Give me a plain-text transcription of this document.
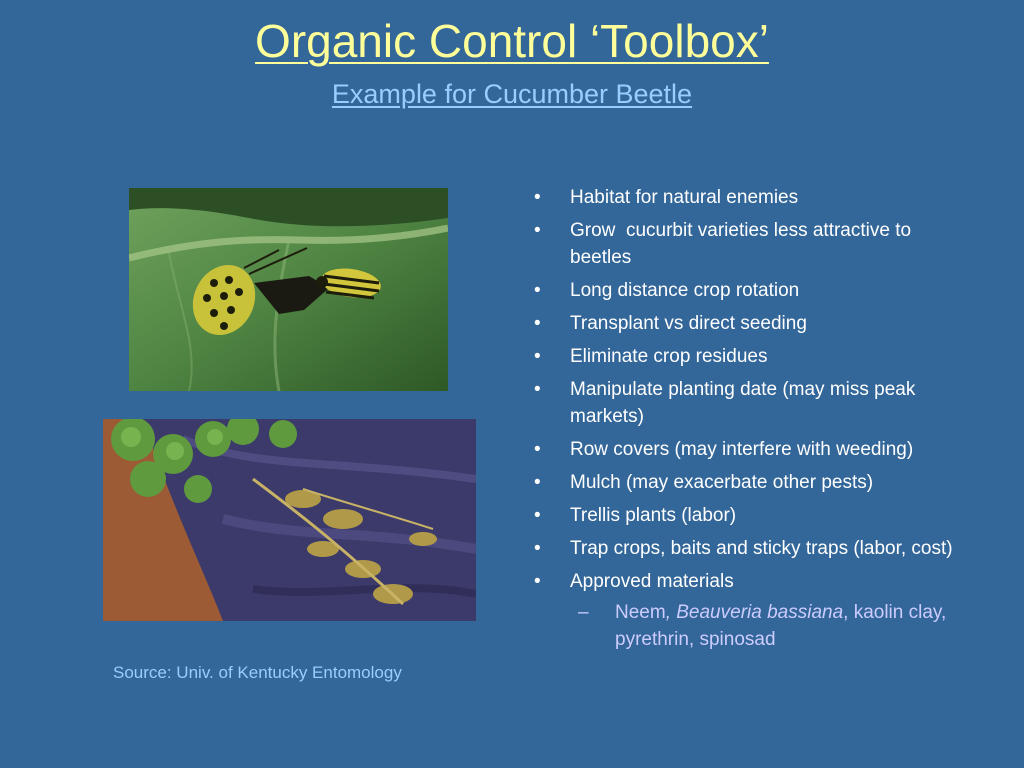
Organic Control ‘Toolbox’
Example for Cucumber Beetle
Source: Univ. of Kentucky Entomology
• Habitat for natural enemies
• Grow  cucurbit varieties less attractive to beetles
• Long distance crop rotation
• Transplant vs direct seeding
• Eliminate crop residues
• Manipulate planting date (may miss peak markets)
• Row covers (may interfere with weeding)
• Mulch (may exacerbate other pests)
• Trellis plants (labor)
• Trap crops, baits and sticky traps (labor, cost)
• Approved materials
– Neem, Beauveria bassiana, kaolin clay, pyrethrin, spinosad
